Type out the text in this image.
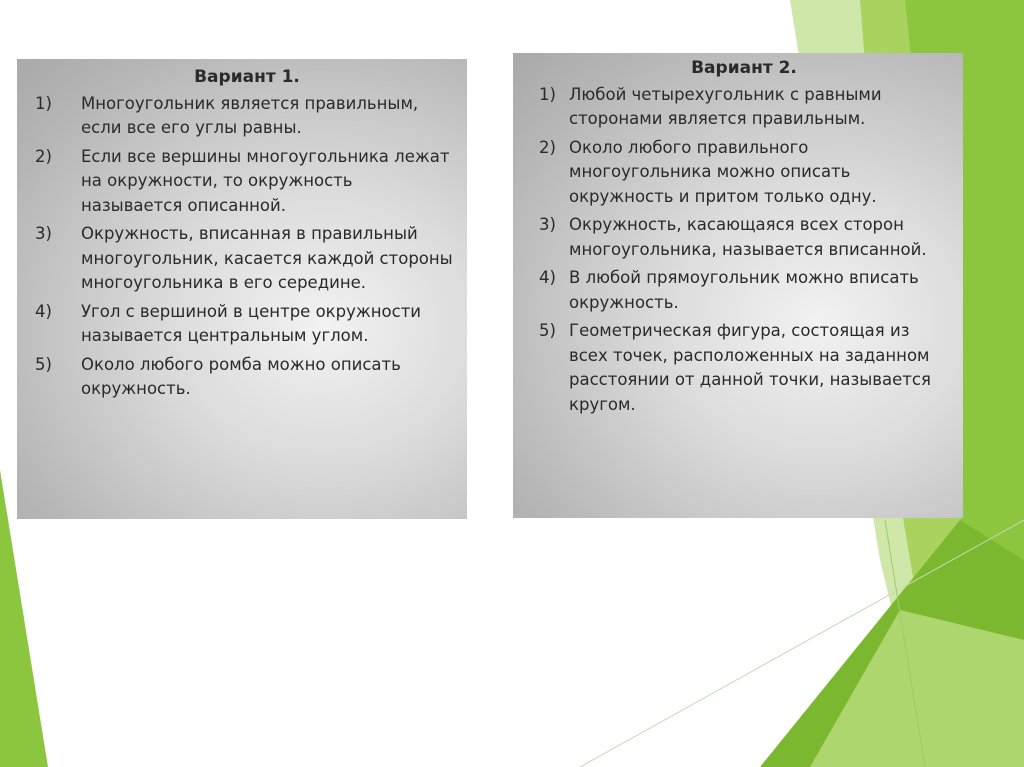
Вариант 1.
1) Многоугольник является правильным, если все его углы равны.
2) Если все вершины многоугольника лежат на окружности, то окружность называется описанной.
3) Окружность, вписанная в правильный многоугольник, касается каждой стороны многоугольника в его середине.
4) Угол с вершиной в центре окружности называется центральным углом.
5) Около любого ромба можно описать окружность.
Вариант 2.
1) Любой четырехугольник с равными сторонами является правильным.
2) Около любого правильного многоугольника можно описать окружность и притом только одну.
3) Окружность, касающаяся всех сторон многоугольника, называется вписанной.
4) В любой прямоугольник можно вписать окружность.
5) Геометрическая фигура, состоящая из всех точек, расположенных на заданном расстоянии от данной точки, называется кругом.
